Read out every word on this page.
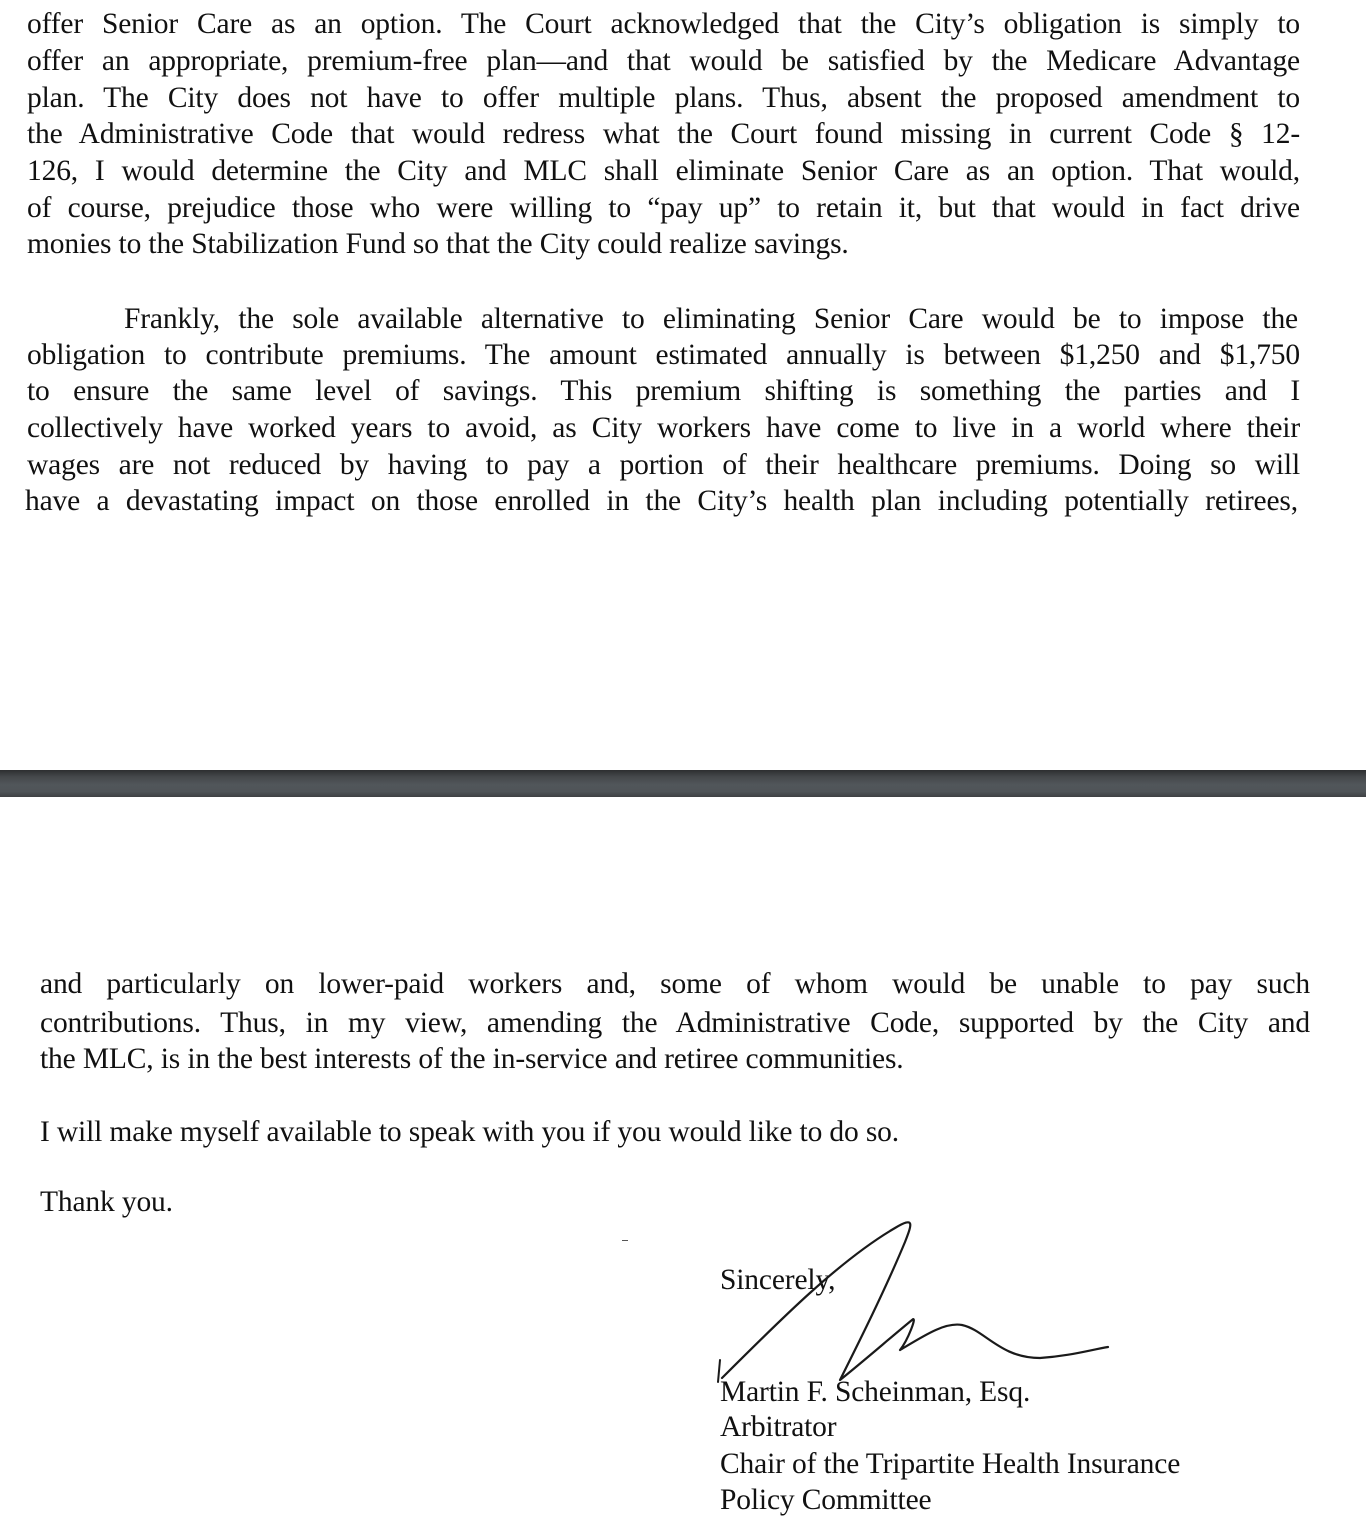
offer Senior Care as an option. The Court acknowledged that the City’s obligation is simply to
offer an appropriate, premium-free plan—and that would be satisfied by the Medicare Advantage
plan. The City does not have to offer multiple plans. Thus, absent the proposed amendment to
the Administrative Code that would redress what the Court found missing in current Code § 12-
126, I would determine the City and MLC shall eliminate Senior Care as an option. That would,
of course, prejudice those who were willing to “pay up” to retain it, but that would in fact drive
monies to the Stabilization Fund so that the City could realize savings.
Frankly, the sole available alternative to eliminating Senior Care would be to impose the
obligation to contribute premiums. The amount estimated annually is between $1,250 and $1,750
to ensure the same level of savings. This premium shifting is something the parties and I
collectively have worked years to avoid, as City workers have come to live in a world where their
wages are not reduced by having to pay a portion of their healthcare premiums. Doing so will
have a devastating impact on those enrolled in the City’s health plan including potentially retirees,
and particularly on lower-paid workers and, some of whom would be unable to pay such
contributions. Thus, in my view, amending the Administrative Code, supported by the City and
the MLC, is in the best interests of the in-service and retiree communities.
I will make myself available to speak with you if you would like to do so.
Thank you.
Sincerely,
Martin F. Scheinman, Esq.
Arbitrator
Chair of the Tripartite Health Insurance
Policy Committee
